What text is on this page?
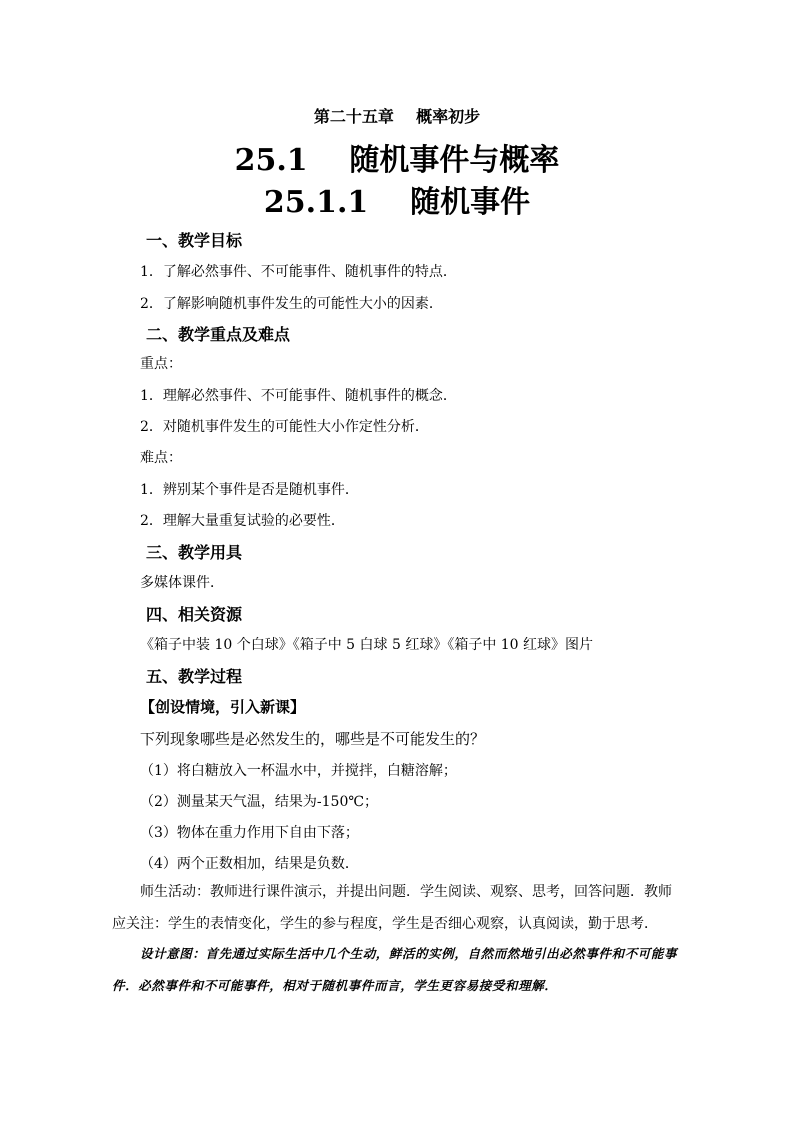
第二十五章    概率初步
25.1    随机事件与概率
25.1.1    随机事件
一、教学目标
1．了解必然事件、不可能事件、随机事件的特点．
2．了解影响随机事件发生的可能性大小的因素．
二、教学重点及难点
重点：
1．理解必然事件、不可能事件、随机事件的概念．
2．对随机事件发生的可能性大小作定性分析．
难点：
1．辨别某个事件是否是随机事件．
2．理解大量重复试验的必要性．
三、教学用具
多媒体课件．
四、相关资源
《箱子中装 10 个白球》《箱子中 5 白球 5 红球》《箱子中 10 红球》图片
五、教学过程
【创设情境，引入新课】
下列现象哪些是必然发生的，哪些是不可能发生的？
（1）将白糖放入一杯温水中，并搅拌，白糖溶解；
（2）测量某天气温，结果为-150℃；
（3）物体在重力作用下自由下落；
（4）两个正数相加，结果是负数．
师生活动：教师进行课件演示，并提出问题．学生阅读、观察、思考，回答问题．教师应关注：学生的表情变化，学生的参与程度，学生是否细心观察，认真阅读，勤于思考．
设计意图：首先通过实际生活中几个生动，鲜活的实例，自然而然地引出必然事件和不可能事件．必然事件和不可能事件，相对于随机事件而言，学生更容易接受和理解．
